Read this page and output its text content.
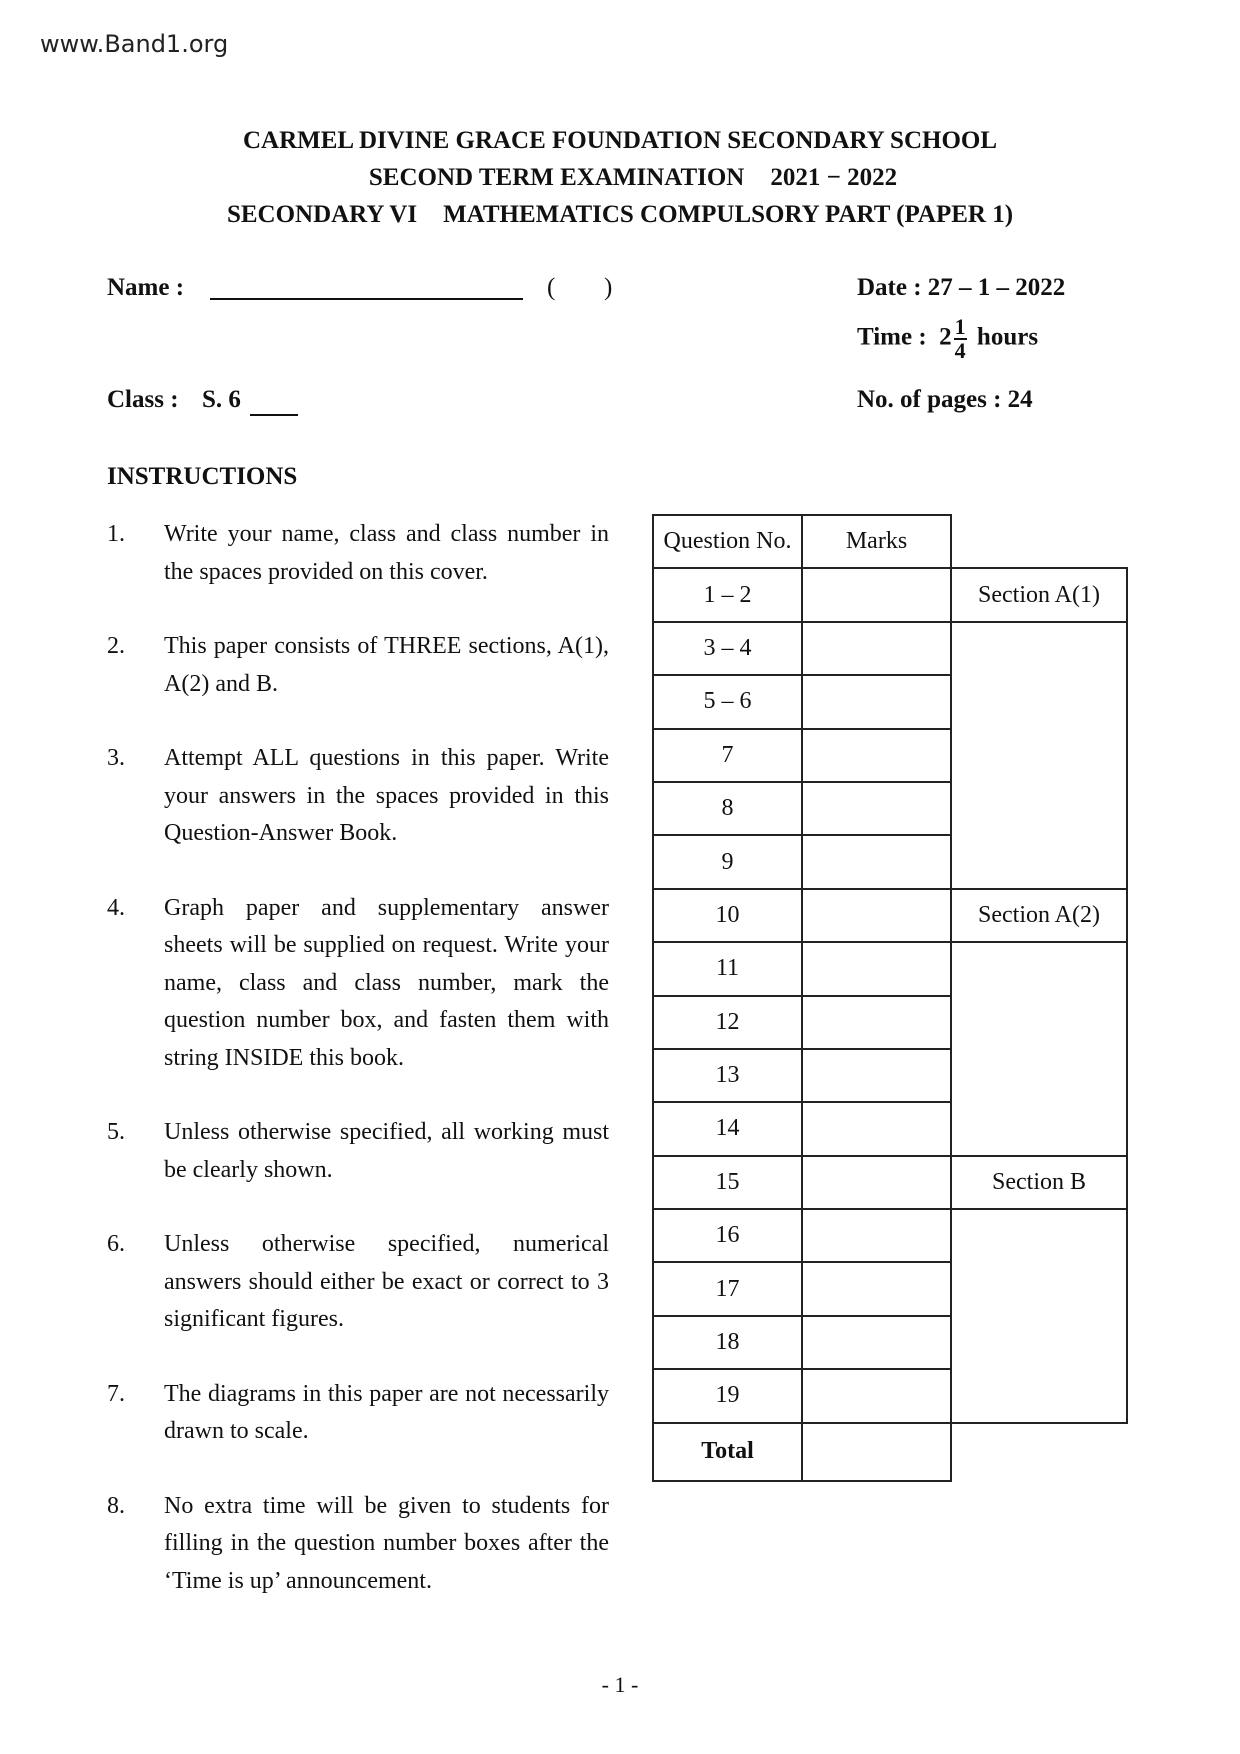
www.Band1.org
CARMEL DIVINE GRACE FOUNDATION SECONDARY SCHOOL
SECOND TERM EXAMINATION 2021 − 2022
SECONDARY VI MATHEMATICS COMPULSORY PART (PAPER 1)
Name :	( )	Date : 27 – 1 – 2022
Time : $2 \frac{1}{4}$ hours
Class : S. 6	No. of pages : 24
INSTRUCTIONS
1. Write your name, class and class number in the spaces provided on this cover.
2. This paper consists of THREE sections, A(1), A(2) and B.
3. Attempt ALL questions in this paper. Write your answers in the spaces provided in this Question-Answer Book.
4. Graph paper and supplementary answer sheets will be supplied on request. Write your name, class and class number, mark the question number box, and fasten them with string INSIDE this book.
5. Unless otherwise specified, all working must be clearly shown.
6. Unless otherwise specified, numerical answers should either be exact or correct to 3 significant figures.
7. The diagrams in this paper are not necessarily drawn to scale.
8. No extra time will be given to students for filling in the question number boxes after the ‘Time is up’ announcement.
Question No.	Marks	
1 – 2		Section A(1)
3 – 4		
5 – 6		
7		
8		
9		
10		Section A(2)
11		
12		
13		
14		
15		Section B
16		
17		
18		
19		
Total		
- 1 -
